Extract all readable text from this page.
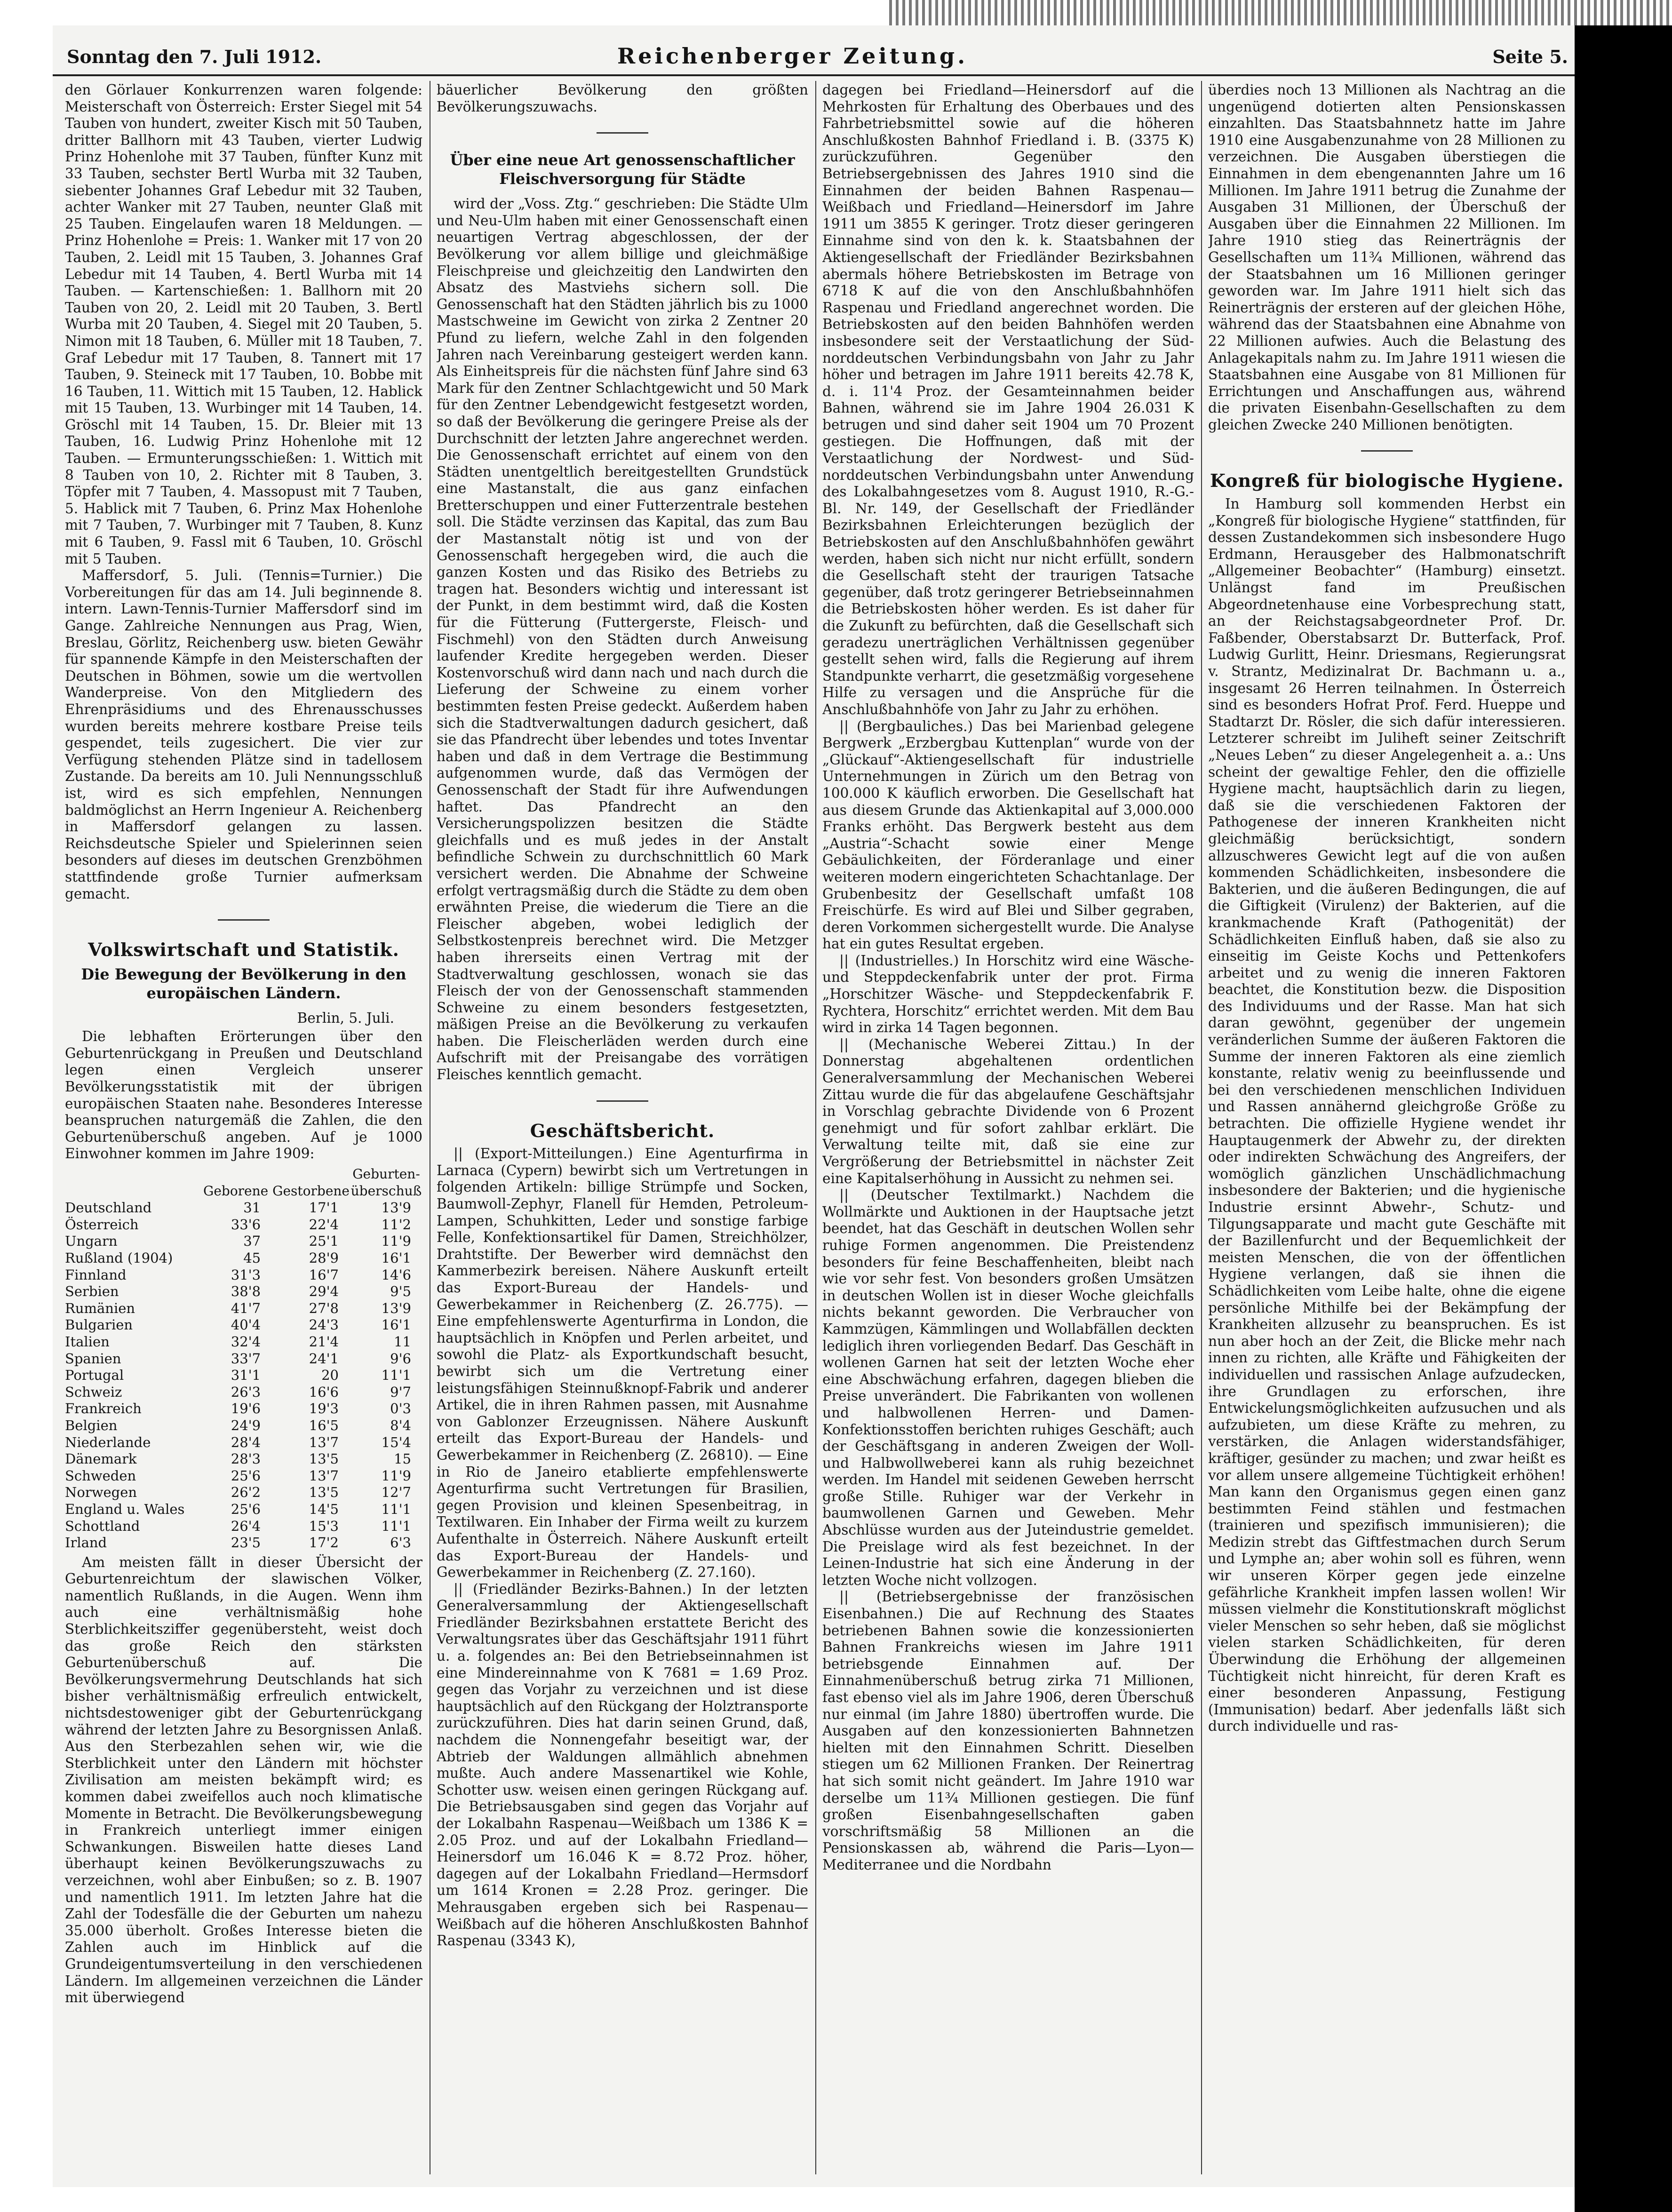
Sonntag den 7. Juli 1912.	Reichenberger Zeitung.	Seite 5.

den Görlauer Konkurrenzen waren folgende: Meisterschaft von Österreich: Erster Siegel mit 54 Tauben von hundert, zweiter Kisch mit 50 Tauben, dritter Ballhorn mit 43 Tauben, vierter Ludwig Prinz Hohenlohe mit 37 Tauben, fünfter Kunz mit 33 Tauben, sechster Bertl Wurba mit 32 Tauben, siebenter Johannes Graf Lebedur mit 32 Tauben, achter Wanker mit 27 Tauben, neunter Glaß mit 25 Tauben. Eingelaufen waren 18 Meldungen. — Prinz Hohenlohe = Preis: 1. Wanker mit 17 von 20 Tauben, 2. Leidl mit 15 Tauben, 3. Johannes Graf Lebedur mit 14 Tauben, 4. Bertl Wurba mit 14 Tauben. — Kartenschießen: 1. Ballhorn mit 20 Tauben von 20, 2. Leidl mit 20 Tauben, 3. Bertl Wurba mit 20 Tauben, 4. Siegel mit 20 Tauben, 5. Nimon mit 18 Tauben, 6. Müller mit 18 Tauben, 7. Graf Lebedur mit 17 Tauben, 8. Tannert mit 17 Tauben, 9. Steineck mit 17 Tauben, 10. Bobbe mit 16 Tauben, 11. Wittich mit 15 Tauben, 12. Hablick mit 15 Tauben, 13. Wurbinger mit 14 Tauben, 14. Gröschl mit 14 Tauben, 15. Dr. Bleier mit 13 Tauben, 16. Ludwig Prinz Hohenlohe mit 12 Tauben. — Ermunterungsschießen: 1. Wittich mit 8 Tauben von 10, 2. Richter mit 8 Tauben, 3. Töpfer mit 7 Tauben, 4. Massopust mit 7 Tauben, 5. Hablick mit 7 Tauben, 6. Prinz Max Hohenlohe mit 7 Tauben, 7. Wurbinger mit 7 Tauben, 8. Kunz mit 6 Tauben, 9. Fassl mit 6 Tauben, 10. Gröschl mit 5 Tauben.

Maffersdorf, 5. Juli. (Tennis=Turnier.) Die Vorbereitungen für das am 14. Juli beginnende 8. intern. Lawn-Tennis-Turnier Maffersdorf sind im Gange. Zahlreiche Nennungen aus Prag, Wien, Breslau, Görlitz, Reichenberg usw. bieten Gewähr für spannende Kämpfe in den Meisterschaften der Deutschen in Böhmen, sowie um die wertvollen Wanderpreise. Von den Mitgliedern des Ehrenpräsidiums und des Ehrenausschusses wurden bereits mehrere kostbare Preise teils gespendet, teils zugesichert. Die vier zur Verfügung stehenden Plätze sind in tadellosem Zustande. Da bereits am 10. Juli Nennungsschluß ist, wird es sich empfehlen, Nennungen baldmöglichst an Herrn Ingenieur A. Reichenberg in Maffersdorf gelangen zu lassen. Reichsdeutsche Spieler und Spielerinnen seien besonders auf dieses im deutschen Grenzböhmen stattfindende große Turnier aufmerksam gemacht.

Volkswirtschaft und Statistik.
Die Bewegung der Bevölkerung in den europäischen Ländern.
Berlin, 5. Juli.

Die lebhaften Erörterungen über den Geburtenrückgang in Preußen und Deutschland legen einen Vergleich unserer Bevölkerungsstatistik mit der übrigen europäischen Staaten nahe. Besonderes Interesse beanspruchen naturgemäß die Zahlen, die den Geburtenüberschuß angeben. Auf je 1000 Einwohner kommen im Jahre 1909:

	Geborene	Gestorbene	Geburten-überschuß
Deutschland	31	17'1	13'9
Österreich	33'6	22'4	11'2
Ungarn	37	25'1	11'9
Rußland (1904)	45	28'9	16'1
Finnland	31'3	16'7	14'6
Serbien	38'8	29'4	9'5
Rumänien	41'7	27'8	13'9
Bulgarien	40'4	24'3	16'1
Italien	32'4	21'4	11
Spanien	33'7	24'1	9'6
Portugal	31'1	20	11'1
Schweiz	26'3	16'6	9'7
Frankreich	19'6	19'3	0'3
Belgien	24'9	16'5	8'4
Niederlande	28'4	13'7	15'4
Dänemark	28'3	13'5	15
Schweden	25'6	13'7	11'9
Norwegen	26'2	13'5	12'7
England u. Wales	25'6	14'5	11'1
Schottland	26'4	15'3	11'1
Irland	23'5	17'2	6'3

Am meisten fällt in dieser Übersicht der Geburtenreichtum der slawischen Völker, namentlich Rußlands, in die Augen. Wenn ihm auch eine verhältnismäßig hohe Sterblichkeitsziffer gegenübersteht, weist doch das große Reich den stärksten Geburtenüberschuß auf. Die Bevölkerungsvermehrung Deutschlands hat sich bisher verhältnismäßig erfreulich entwickelt, nichtsdestoweniger gibt der Geburtenrückgang während der letzten Jahre zu Besorgnissen Anlaß. Aus den Sterbezahlen sehen wir, wie die Sterblichkeit unter den Ländern mit höchster Zivilisation am meisten bekämpft wird; es kommen dabei zweifellos auch noch klimatische Momente in Betracht. Die Bevölkerungsbewegung in Frankreich unterliegt immer einigen Schwankungen. Bisweilen hatte dieses Land überhaupt keinen Bevölkerungszuwachs zu verzeichnen, wohl aber Einbußen; so z. B. 1907 und namentlich 1911. Im letzten Jahre hat die Zahl der Todesfälle die der Geburten um nahezu 35.000 überholt. Großes Interesse bieten die Zahlen auch im Hinblick auf die Grundeigentumsverteilung in den verschiedenen Ländern. Im allgemeinen verzeichnen die Länder mit überwiegend

bäuerlicher Bevölkerung den größten Bevölkerungszuwachs.

Über eine neue Art genossenschaftlicher Fleischversorgung für Städte

wird der „Voss. Ztg.“ geschrieben: Die Städte Ulm und Neu-Ulm haben mit einer Genossenschaft einen neuartigen Vertrag abgeschlossen, der der Bevölkerung vor allem billige und gleichmäßige Fleischpreise und gleichzeitig den Landwirten den Absatz des Mastviehs sichern soll. Die Genossenschaft hat den Städten jährlich bis zu 1000 Mastschweine im Gewicht von zirka 2 Zentner 20 Pfund zu liefern, welche Zahl in den folgenden Jahren nach Vereinbarung gesteigert werden kann. Als Einheitspreis für die nächsten fünf Jahre sind 63 Mark für den Zentner Schlachtgewicht und 50 Mark für den Zentner Lebendgewicht festgesetzt worden, so daß der Bevölkerung die geringere Preise als der Durchschnitt der letzten Jahre angerechnet werden. Die Genossenschaft errichtet auf einem von den Städten unentgeltlich bereitgestellten Grundstück eine Mastanstalt, die aus ganz einfachen Bretterschuppen und einer Futterzentrale bestehen soll. Die Städte verzinsen das Kapital, das zum Bau der Mastanstalt nötig ist und von der Genossenschaft hergegeben wird, die auch die ganzen Kosten und das Risiko des Betriebs zu tragen hat. Besonders wichtig und interessant ist der Punkt, in dem bestimmt wird, daß die Kosten für die Fütterung (Futtergerste, Fleisch- und Fischmehl) von den Städten durch Anweisung laufender Kredite hergegeben werden. Dieser Kostenvorschuß wird dann nach und nach durch die Lieferung der Schweine zu einem vorher bestimmten festen Preise gedeckt. Außerdem haben sich die Stadtverwaltungen dadurch gesichert, daß sie das Pfandrecht über lebendes und totes Inventar haben und daß in dem Vertrage die Bestimmung aufgenommen wurde, daß das Vermögen der Genossenschaft der Stadt für ihre Aufwendungen haftet. Das Pfandrecht an den Versicherungspolizzen besitzen die Städte gleichfalls und es muß jedes in der Anstalt befindliche Schwein zu durchschnittlich 60 Mark versichert werden. Die Abnahme der Schweine erfolgt vertragsmäßig durch die Städte zu dem oben erwähnten Preise, die wiederum die Tiere an die Fleischer abgeben, wobei lediglich der Selbstkostenpreis berechnet wird. Die Metzger haben ihrerseits einen Vertrag mit der Stadtverwaltung geschlossen, wonach sie das Fleisch der von der Genossenschaft stammenden Schweine zu einem besonders festgesetzten, mäßigen Preise an die Bevölkerung zu verkaufen haben. Die Fleischerläden werden durch eine Aufschrift mit der Preisangabe des vorrätigen Fleisches kenntlich gemacht.

Geschäftsbericht.

|| (Export-Mitteilungen.) Eine Agenturfirma in Larnaca (Cypern) bewirbt sich um Vertretungen in folgenden Artikeln: billige Strümpfe und Socken, Baumwoll-Zephyr, Flanell für Hemden, Petroleum-Lampen, Schuhkitten, Leder und sonstige farbige Felle, Konfektionsartikel für Damen, Streichhölzer, Drahtstifte. Der Bewerber wird demnächst den Kammerbezirk bereisen. Nähere Auskunft erteilt das Export-Bureau der Handels- und Gewerbekammer in Reichenberg (Z. 26.775). — Eine empfehlenswerte Agenturfirma in London, die hauptsächlich in Knöpfen und Perlen arbeitet, und sowohl die Platz- als Exportkundschaft besucht, bewirbt sich um die Vertretung einer leistungsfähigen Steinnußknopf-Fabrik und anderer Artikel, die in ihren Rahmen passen, mit Ausnahme von Gablonzer Erzeugnissen. Nähere Auskunft erteilt das Export-Bureau der Handels- und Gewerbekammer in Reichenberg (Z. 26810). — Eine in Rio de Janeiro etablierte empfehlenswerte Agenturfirma sucht Vertretungen für Brasilien, gegen Provision und kleinen Spesenbeitrag, in Textilwaren. Ein Inhaber der Firma weilt zu kurzem Aufenthalte in Österreich. Nähere Auskunft erteilt das Export-Bureau der Handels- und Gewerbekammer in Reichenberg (Z. 27.160).

|| (Friedländer Bezirks-Bahnen.) In der letzten Generalversammlung der Aktiengesellschaft Friedländer Bezirksbahnen erstattete Bericht des Verwaltungsrates über das Geschäftsjahr 1911 führt u. a. folgendes an: Bei den Betriebseinnahmen ist eine Mindereinnahme von K 7681 = 1.69 Proz. gegen das Vorjahr zu verzeichnen und ist diese hauptsächlich auf den Rückgang der Holztransporte zurückzuführen. Dies hat darin seinen Grund, daß, nachdem die Nonnengefahr beseitigt war, der Abtrieb der Waldungen allmählich abnehmen mußte. Auch andere Massenartikel wie Kohle, Schotter usw. weisen einen geringen Rückgang auf. Die Betriebsausgaben sind gegen das Vorjahr auf der Lokalbahn Raspenau—Weißbach um 1386 K = 2.05 Proz. und auf der Lokalbahn Friedland—Heinersdorf um 16.046 K = 8.72 Proz. höher, dagegen auf der Lokalbahn Friedland—Hermsdorf um 1614 Kronen = 2.28 Proz. geringer. Die Mehrausgaben ergeben sich bei Raspenau—Weißbach auf die höheren Anschlußkosten Bahnhof Raspenau (3343 K),

dagegen bei Friedland—Heinersdorf auf die Mehrkosten für Erhaltung des Oberbaues und des Fahrbetriebsmittel sowie auf die höheren Anschlußkosten Bahnhof Friedland i. B. (3375 K) zurückzuführen. Gegenüber den Betriebsergebnissen des Jahres 1910 sind die Einnahmen der beiden Bahnen Raspenau—Weißbach und Friedland—Heinersdorf im Jahre 1911 um 3855 K geringer. Trotz dieser geringeren Einnahme sind von den k. k. Staatsbahnen der Aktiengesellschaft der Friedländer Bezirksbahnen abermals höhere Betriebskosten im Betrage von 6718 K auf die von den Anschlußbahnhöfen Raspenau und Friedland angerechnet worden. Die Betriebskosten auf den beiden Bahnhöfen werden insbesondere seit der Verstaatlichung der Süd-norddeutschen Verbindungsbahn von Jahr zu Jahr höher und betragen im Jahre 1911 bereits 42.78 K, d. i. 11'4 Proz. der Gesamteinnahmen beider Bahnen, während sie im Jahre 1904 26.031 K betrugen und sind daher seit 1904 um 70 Prozent gestiegen. Die Hoffnungen, daß mit der Verstaatlichung der Nordwest- und Süd-norddeutschen Verbindungsbahn unter Anwendung des Lokalbahngesetzes vom 8. August 1910, R.-G.-Bl. Nr. 149, der Gesellschaft der Friedländer Bezirksbahnen Erleichterungen bezüglich der Betriebskosten auf den Anschlußbahnhöfen gewährt werden, haben sich nicht nur nicht erfüllt, sondern die Gesellschaft steht der traurigen Tatsache gegenüber, daß trotz geringerer Betriebseinnahmen die Betriebskosten höher werden. Es ist daher für die Zukunft zu befürchten, daß die Gesellschaft sich geradezu unerträglichen Verhältnissen gegenüber gestellt sehen wird, falls die Regierung auf ihrem Standpunkte verharrt, die gesetzmäßig vorgesehene Hilfe zu versagen und die Ansprüche für die Anschlußbahnhöfe von Jahr zu Jahr zu erhöhen.

|| (Bergbauliches.) Das bei Marienbad gelegene Bergwerk „Erzbergbau Kuttenplan“ wurde von der „Glückauf“-Aktiengesellschaft für industrielle Unternehmungen in Zürich um den Betrag von 100.000 K käuflich erworben. Die Gesellschaft hat aus diesem Grunde das Aktienkapital auf 3,000.000 Franks erhöht. Das Bergwerk besteht aus dem „Austria“-Schacht sowie einer Menge Gebäulichkeiten, der Förderanlage und einer weiteren modern eingerichteten Schachtanlage. Der Grubenbesitz der Gesellschaft umfaßt 108 Freischürfe. Es wird auf Blei und Silber gegraben, deren Vorkommen sichergestellt wurde. Die Analyse hat ein gutes Resultat ergeben.

|| (Industrielles.) In Horschitz wird eine Wäsche- und Steppdeckenfabrik unter der prot. Firma „Horschitzer Wäsche- und Steppdeckenfabrik F. Rychtera, Horschitz“ errichtet werden. Mit dem Bau wird in zirka 14 Tagen begonnen.

|| (Mechanische Weberei Zittau.) In der Donnerstag abgehaltenen ordentlichen Generalversammlung der Mechanischen Weberei Zittau wurde die für das abgelaufene Geschäftsjahr in Vorschlag gebrachte Dividende von 6 Prozent genehmigt und für sofort zahlbar erklärt. Die Verwaltung teilte mit, daß sie eine zur Vergrößerung der Betriebsmittel in nächster Zeit eine Kapitalserhöhung in Aussicht zu nehmen sei.

|| (Deutscher Textilmarkt.) Nachdem die Wollmärkte und Auktionen in der Hauptsache jetzt beendet, hat das Geschäft in deutschen Wollen sehr ruhige Formen angenommen. Die Preistendenz besonders für feine Beschaffenheiten, bleibt nach wie vor sehr fest. Von besonders großen Umsätzen in deutschen Wollen ist in dieser Woche gleichfalls nichts bekannt geworden. Die Verbraucher von Kammzügen, Kämmlingen und Wollabfällen deckten lediglich ihren vorliegenden Bedarf. Das Geschäft in wollenen Garnen hat seit der letzten Woche eher eine Abschwächung erfahren, dagegen blieben die Preise unverändert. Die Fabrikanten von wollenen und halbwollenen Herren- und Damen-Konfektionsstoffen berichten ruhiges Geschäft; auch der Geschäftsgang in anderen Zweigen der Woll- und Halbwollweberei kann als ruhig bezeichnet werden. Im Handel mit seidenen Geweben herrscht große Stille. Ruhiger war der Verkehr in baumwollenen Garnen und Geweben. Mehr Abschlüsse wurden aus der Juteindustrie gemeldet. Die Preislage wird als fest bezeichnet. In der Leinen-Industrie hat sich eine Änderung in der letzten Woche nicht vollzogen.

|| (Betriebsergebnisse der französischen Eisenbahnen.) Die auf Rechnung des Staates betriebenen Bahnen sowie die konzessionierten Bahnen Frankreichs wiesen im Jahre 1911 betriebsgende Einnahmen auf. Der Einnahmenüberschuß betrug zirka 71 Millionen, fast ebenso viel als im Jahre 1906, deren Überschuß nur einmal (im Jahre 1880) übertroffen wurde. Die Ausgaben auf den konzessionierten Bahnnetzen hielten mit den Einnahmen Schritt. Dieselben stiegen um 62 Millionen Franken. Der Reinertrag hat sich somit nicht geändert. Im Jahre 1910 war derselbe um 11¾ Millionen gestiegen. Die fünf großen Eisenbahngesellschaften gaben vorschriftsmäßig 58 Millionen an die Pensionskassen ab, während die Paris—Lyon—Mediterranee und die Nordbahn

überdies noch 13 Millionen als Nachtrag an die ungenügend dotierten alten Pensionskassen einzahlten. Das Staatsbahnnetz hatte im Jahre 1910 eine Ausgabenzunahme von 28 Millionen zu verzeichnen. Die Ausgaben überstiegen die Einnahmen in dem ebengenannten Jahre um 16 Millionen. Im Jahre 1911 betrug die Zunahme der Ausgaben 31 Millionen, der Überschuß der Ausgaben über die Einnahmen 22 Millionen. Im Jahre 1910 stieg das Reinerträgnis der Gesellschaften um 11¾ Millionen, während das der Staatsbahnen um 16 Millionen geringer geworden war. Im Jahre 1911 hielt sich das Reinerträgnis der ersteren auf der gleichen Höhe, während das der Staatsbahnen eine Abnahme von 22 Millionen aufwies. Auch die Belastung des Anlagekapitals nahm zu. Im Jahre 1911 wiesen die Staatsbahnen eine Ausgabe von 81 Millionen für Errichtungen und Anschaffungen aus, während die privaten Eisenbahn-Gesellschaften zu dem gleichen Zwecke 240 Millionen benötigten.

Kongreß für biologische Hygiene.

In Hamburg soll kommenden Herbst ein „Kongreß für biologische Hygiene“ stattfinden, für dessen Zustandekommen sich insbesondere Hugo Erdmann, Herausgeber des Halbmonatschrift „Allgemeiner Beobachter“ (Hamburg) einsetzt. Unlängst fand im Preußischen Abgeordnetenhause eine Vorbesprechung statt, an der Reichstagsabgeordneter Prof. Dr. Faßbender, Oberstabsarzt Dr. Butterfack, Prof. Ludwig Gurlitt, Heinr. Driesmans, Regierungsrat v. Strantz, Medizinalrat Dr. Bachmann u. a., insgesamt 26 Herren teilnahmen. In Österreich sind es besonders Hofrat Prof. Ferd. Hueppe und Stadtarzt Dr. Rösler, die sich dafür interessieren. Letzterer schreibt im Juliheft seiner Zeitschrift „Neues Leben“ zu dieser Angelegenheit a. a.: Uns scheint der gewaltige Fehler, den die offizielle Hygiene macht, hauptsächlich darin zu liegen, daß sie die verschiedenen Faktoren der Pathogenese der inneren Krankheiten nicht gleichmäßig berücksichtigt, sondern allzuschweres Gewicht legt auf die von außen kommenden Schädlichkeiten, insbesondere die Bakterien, und die äußeren Bedingungen, die auf die Giftigkeit (Virulenz) der Bakterien, auf die krankmachende Kraft (Pathogenität) der Schädlichkeiten Einfluß haben, daß sie also zu einseitig im Geiste Kochs und Pettenkofers arbeitet und zu wenig die inneren Faktoren beachtet, die Konstitution bezw. die Disposition des Individuums und der Rasse. Man hat sich daran gewöhnt, gegenüber der ungemein veränderlichen Summe der äußeren Faktoren die Summe der inneren Faktoren als eine ziemlich konstante, relativ wenig zu beeinflussende und bei den verschiedenen menschlichen Individuen und Rassen annähernd gleichgroße Größe zu betrachten. Die offizielle Hygiene wendet ihr Hauptaugenmerk der Abwehr zu, der direkten oder indirekten Schwächung des Angreifers, der womöglich gänzlichen Unschädlichmachung insbesondere der Bakterien; und die hygienische Industrie ersinnt Abwehr-, Schutz- und Tilgungsapparate und macht gute Geschäfte mit der Bazillenfurcht und der Bequemlichkeit der meisten Menschen, die von der öffentlichen Hygiene verlangen, daß sie ihnen die Schädlichkeiten vom Leibe halte, ohne die eigene persönliche Mithilfe bei der Bekämpfung der Krankheiten allzusehr zu beanspruchen. Es ist nun aber hoch an der Zeit, die Blicke mehr nach innen zu richten, alle Kräfte und Fähigkeiten der individuellen und rassischen Anlage aufzudecken, ihre Grundlagen zu erforschen, ihre Entwickelungsmöglichkeiten aufzusuchen und als aufzubieten, um diese Kräfte zu mehren, zu verstärken, die Anlagen widerstandsfähiger, kräftiger, gesünder zu machen; und zwar heißt es vor allem unsere allgemeine Tüchtigkeit erhöhen! Man kann den Organismus gegen einen ganz bestimmten Feind stählen und festmachen (trainieren und spezifisch immunisieren); die Medizin strebt das Giftfestmachen durch Serum und Lymphe an; aber wohin soll es führen, wenn wir unseren Körper gegen jede einzelne gefährliche Krankheit impfen lassen wollen! Wir müssen vielmehr die Konstitutionskraft möglichst vieler Menschen so sehr heben, daß sie möglichst vielen starken Schädlichkeiten, für deren Überwindung die Erhöhung der allgemeinen Tüchtigkeit nicht hinreicht, für deren Kraft es einer besonderen Anpassung, Festigung (Immunisation) bedarf. Aber jedenfalls läßt sich durch individuelle und ras-
